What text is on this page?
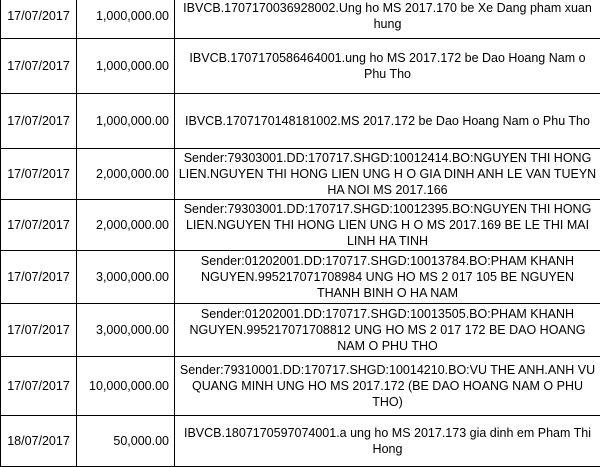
17/07/2017	1,000,000.00	IBVCB.1707170036928002.Ung ho MS 2017.170 be Xe Dang pham xuan hung
17/07/2017	1,000,000.00	IBVCB.1707170586464001.ung ho MS 2017.172 be Dao Hoang Nam o Phu Tho
17/07/2017	1,000,000.00	IBVCB.1707170148181002.MS 2017.172 be Dao Hoang Nam o Phu Tho
17/07/2017	2,000,000.00	Sender:79303001.DD:170717.SHGD:10012414.BO:NGUYEN THI HONG LIEN.NGUYEN THI HONG LIEN UNG H O GIA DINH ANH LE VAN TUEYN HA NOI MS 2017.166
17/07/2017	2,000,000.00	Sender:79303001.DD:170717.SHGD:10012395.BO:NGUYEN THI HONG LIEN.NGUYEN THI HONG LIEN UNG H O MS 2017.169 BE LE THI MAI LINH HA TINH
17/07/2017	3,000,000.00	Sender:01202001.DD:170717.SHGD:10013784.BO:PHAM KHANH NGUYEN.995217071708984 UNG HO MS 2 017 105 BE NGUYEN THANH BINH O HA NAM
17/07/2017	3,000,000.00	Sender:01202001.DD:170717.SHGD:10013505.BO:PHAM KHANH NGUYEN.995217071708812 UNG HO MS 2 017 172 BE DAO HOANG NAM O PHU THO
17/07/2017	10,000,000.00	Sender:79310001.DD:170717.SHGD:10014210.BO:VU THE ANH.ANH VU QUANG MINH UNG HO MS 2017.172 (BE DAO HOANG NAM O PHU THO)
18/07/2017	50,000.00	IBVCB.1807170597074001.a ung ho MS 2017.173 gia dinh em Pham Thi Hong
